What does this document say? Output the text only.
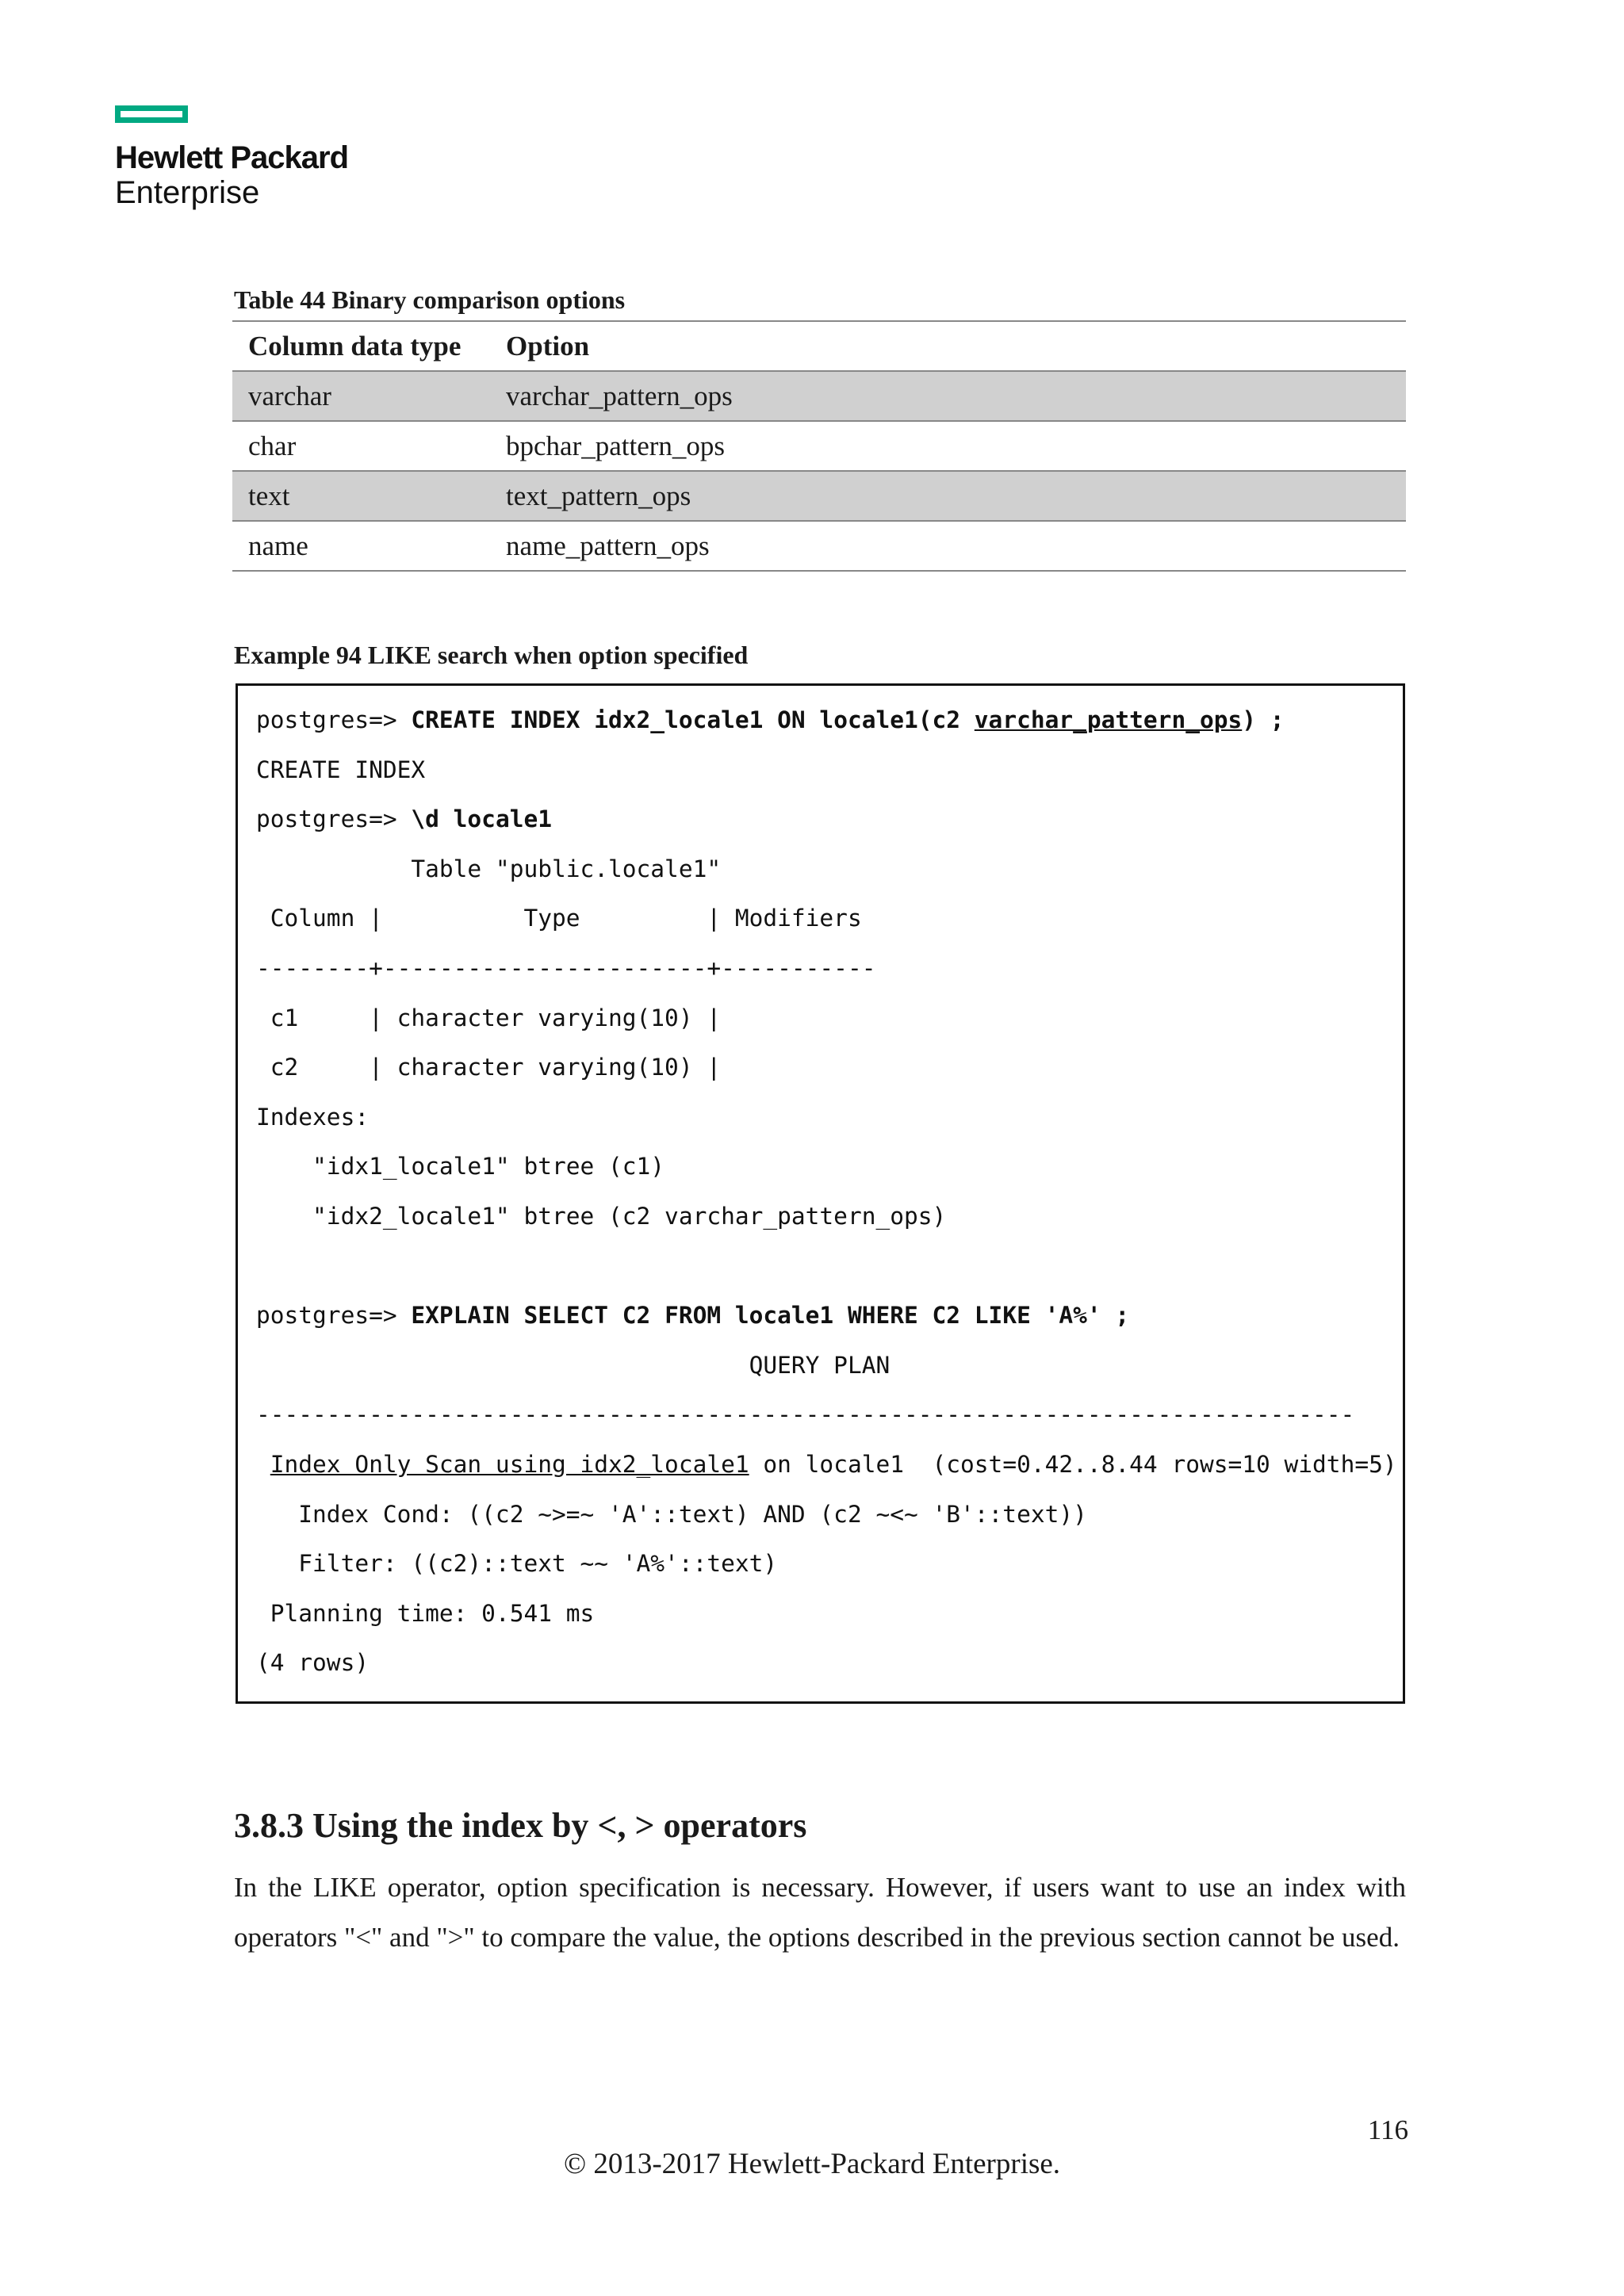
Hewlett Packard
Enterprise
Table 44 Binary comparison options
Column data type	Option
varchar	varchar_pattern_ops
char	bpchar_pattern_ops
text	text_pattern_ops
name	name_pattern_ops
Example 94 LIKE search when option specified
postgres=> CREATE INDEX idx2_locale1 ON locale1(c2 varchar_pattern_ops) ;
CREATE INDEX
postgres=> \d locale1
Table "public.locale1"
Column |          Type         | Modifiers
--------+-----------------------+-----------
c1     | character varying(10) |
c2     | character varying(10) |
Indexes:
"idx1_locale1" btree (c1)
"idx2_locale1" btree (c2 varchar_pattern_ops)

postgres=> EXPLAIN SELECT C2 FROM locale1 WHERE C2 LIKE 'A%' ;
QUERY PLAN
------------------------------------------------------------------------------
Index Only Scan using idx2_locale1 on locale1  (cost=0.42..8.44 rows=10 width=5)
Index Cond: ((c2 ~>=~ 'A'::text) AND (c2 ~<~ 'B'::text))
Filter: ((c2)::text ~~ 'A%'::text)
Planning time: 0.541 ms
(4 rows)
3.8.3 Using the index by <, > operators
In the LIKE operator, option specification is necessary. However, if users want to use an index with operators "<" and ">" to compare the value, the options described in the previous section cannot be used.
116
© 2013-2017 Hewlett-Packard Enterprise.
